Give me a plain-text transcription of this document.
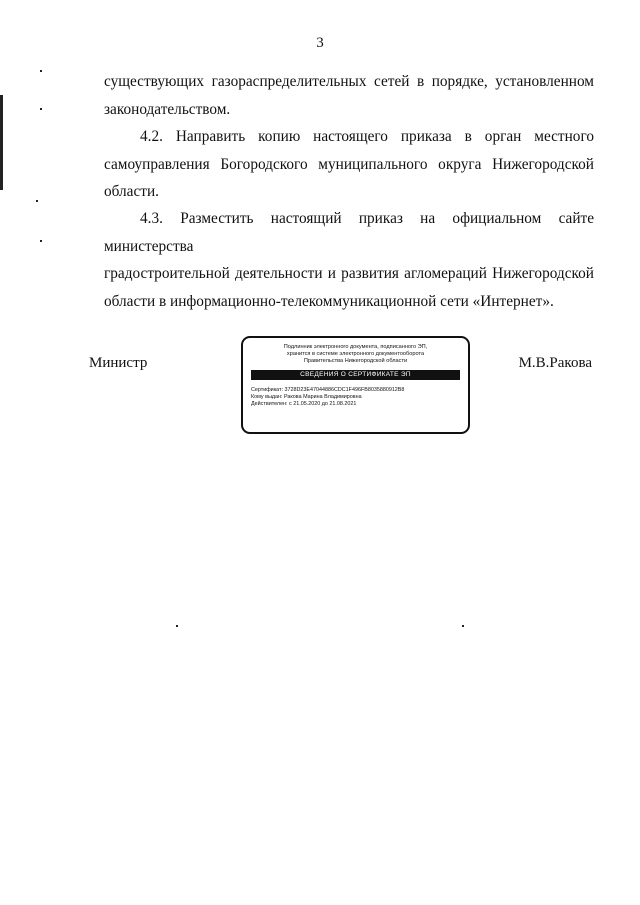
3

существующих газораспределительных сетей в порядке, установленном

законодательством.

4.2. Направить копию настоящего приказа в орган местного

самоуправления Богородского муниципального округа Нижегородской

области.

4.3. Разместить настоящий приказ на официальном сайте министерства

градостроительной деятельности и развития агломераций Нижегородской

области в информационно-телекоммуникационной сети «Интернет».

Министр
Подлинник электронного документа, подписанного ЭП,
хранится в системе электронного документооборота
Правительства Нижегородской области
СВЕДЕНИЯ О СЕРТИФИКАТЕ ЭП
Сертификат: 3728D23E47044886CDC1F496FB8035880912B8
Кому выдан: Ракова Марина Владимировна
Действителен: с 21.05.2020 до 21.08.2021
М.В.Ракова
